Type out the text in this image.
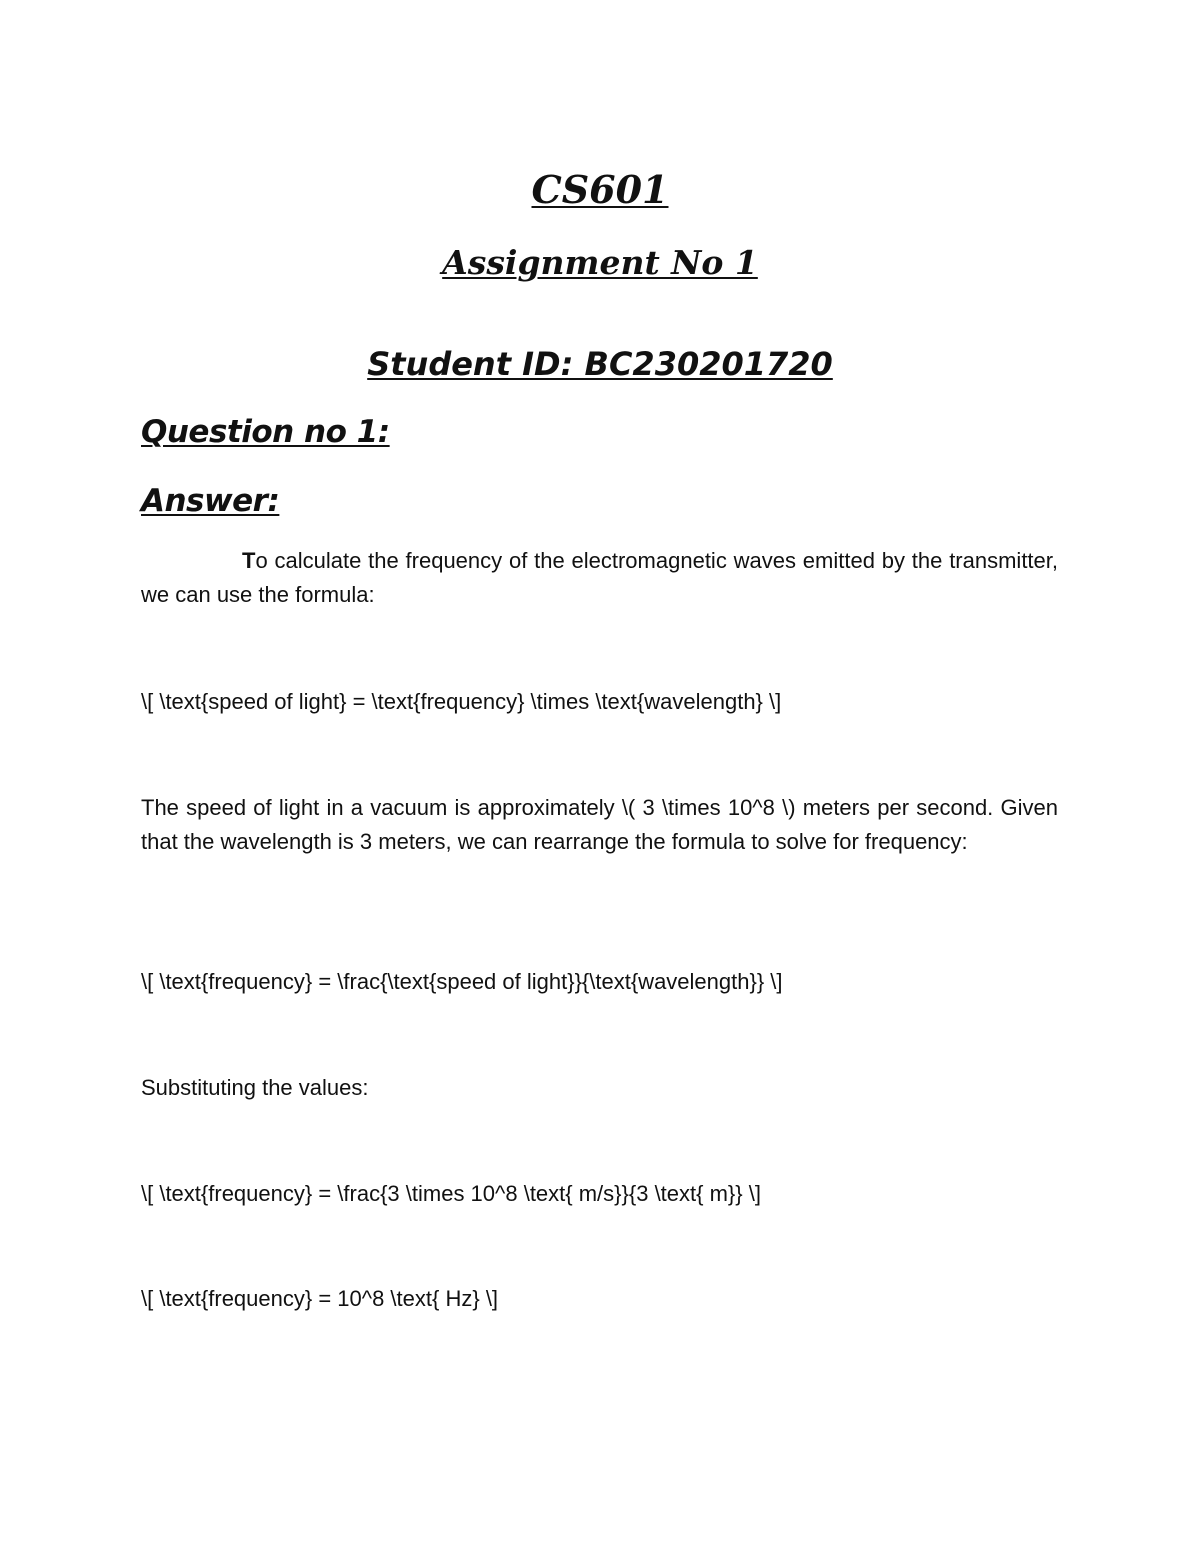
CS601
Assignment No 1
Student ID: BC230201720
Question no 1:
Answer:

To calculate the frequency of the electromagnetic waves emitted by the transmitter, we can use the formula:

\[ \text{speed of light} = \text{frequency} \times \text{wavelength} \]

The speed of light in a vacuum is approximately \( 3 \times 10^8 \) meters per second. Given that the wavelength is 3 meters, we can rearrange the formula to solve for frequency:

\[ \text{frequency} = \frac{\text{speed of light}}{\text{wavelength}} \]

Substituting the values:

\[ \text{frequency} = \frac{3 \times 10^8 \text{ m/s}}{3 \text{ m}} \]

\[ \text{frequency} = 10^8 \text{ Hz} \]
